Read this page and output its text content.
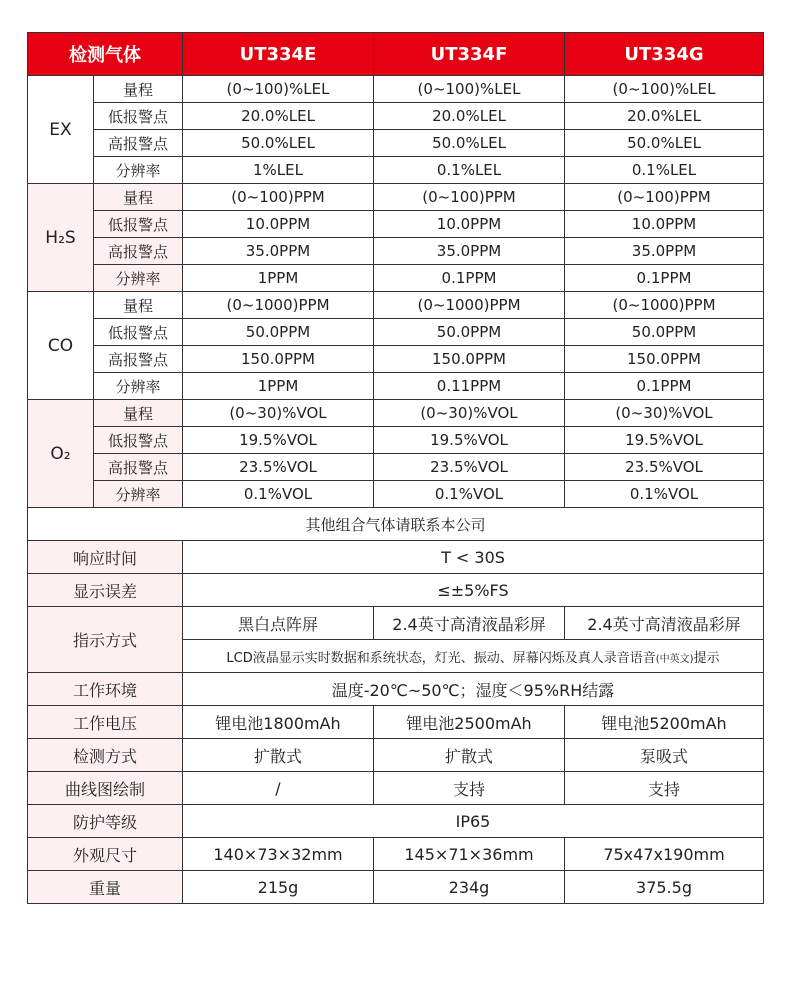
检测气体		UT334E	UT334F	UT334G
EX	量程	(0~100)%LEL	(0~100)%LEL	(0~100)%LEL
	低报警点	20.0%LEL	20.0%LEL	20.0%LEL
	高报警点	50.0%LEL	50.0%LEL	50.0%LEL
	分辨率	1%LEL	0.1%LEL	0.1%LEL
H₂S	量程	(0~100)PPM	(0~100)PPM	(0~100)PPM
	低报警点	10.0PPM	10.0PPM	10.0PPM
	高报警点	35.0PPM	35.0PPM	35.0PPM
	分辨率	1PPM	0.1PPM	0.1PPM
CO	量程	(0~1000)PPM	(0~1000)PPM	(0~1000)PPM
	低报警点	50.0PPM	50.0PPM	50.0PPM
	高报警点	150.0PPM	150.0PPM	150.0PPM
	分辨率	1PPM	0.11PPM	0.1PPM
O₂	量程	(0~30)%VOL	(0~30)%VOL	(0~30)%VOL
	低报警点	19.5%VOL	19.5%VOL	19.5%VOL
	高报警点	23.5%VOL	23.5%VOL	23.5%VOL
	分辨率	0.1%VOL	0.1%VOL	0.1%VOL
其他组合气体请联系本公司				
响应时间		T < 30S		
显示误差		≤±5%FS		
指示方式		黑白点阵屏	2.4英寸高清液晶彩屏	2.4英寸高清液晶彩屏
		LCD液晶显示实时数据和系统状态，灯光、振动、屏幕闪烁及真人录音语音(中英文)提示		
工作环境		温度-20℃~50℃；湿度＜95%RH结露		
工作电压		锂电池1800mAh	锂电池2500mAh	锂电池5200mAh
检测方式		扩散式	扩散式	泵吸式
曲线图绘制		/	支持	支持
防护等级		IP65		
外观尺寸		140×73×32mm	145×71×36mm	75x47x190mm
重量		215g	234g	375.5g
